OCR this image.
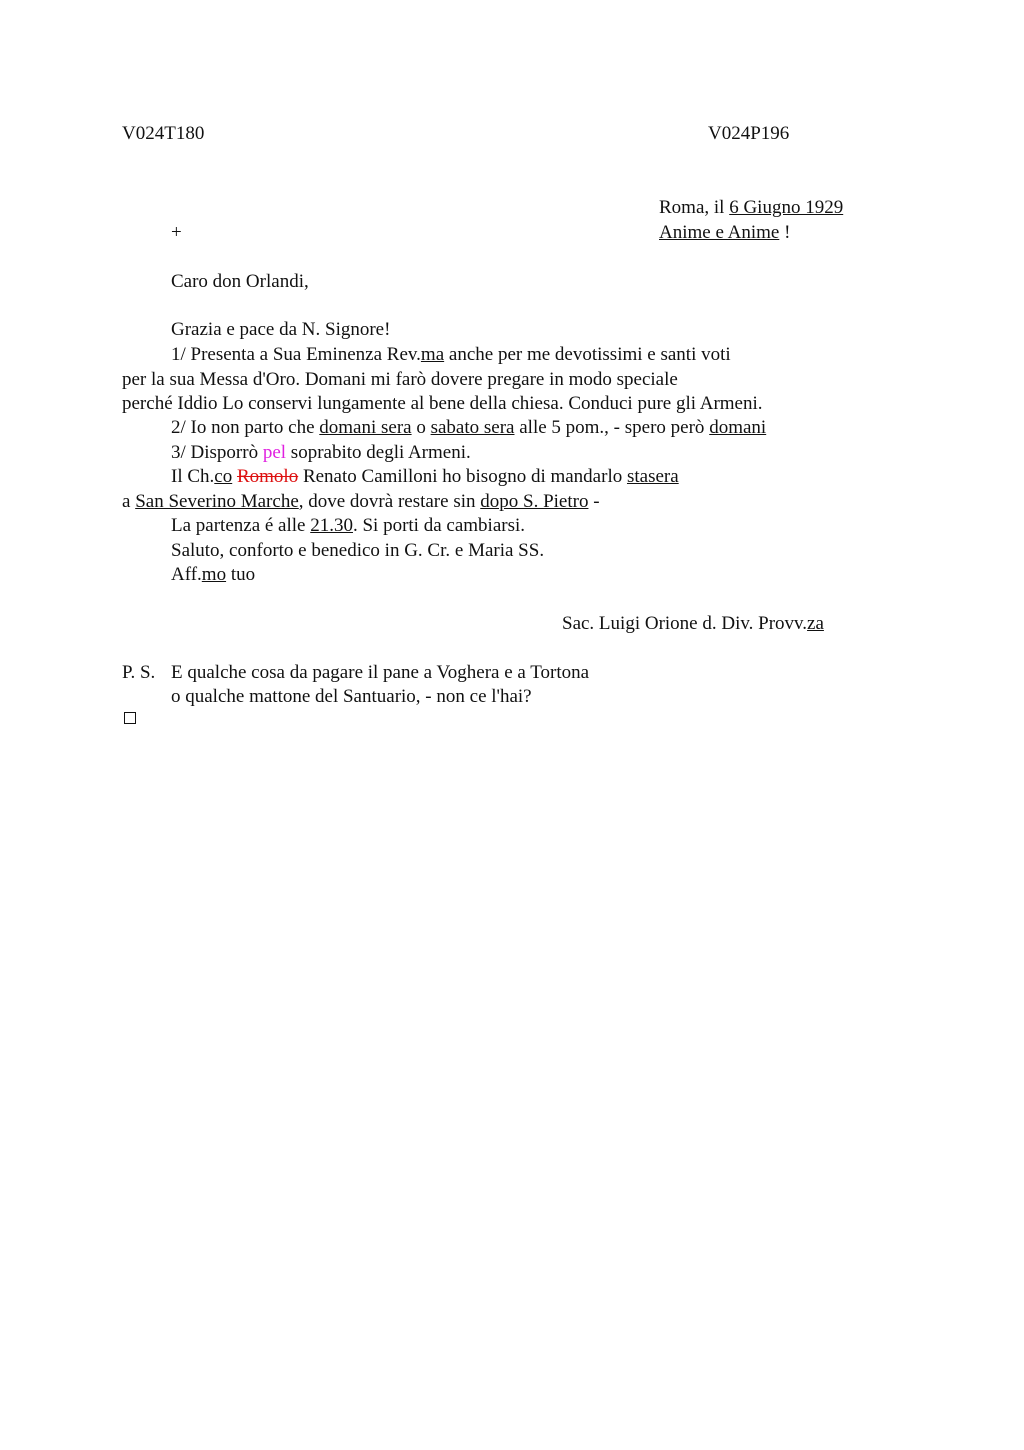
V024T180	V024P196
Roma, il 6 Giugno 1929
+	Anime e Anime !
Caro don Orlandi,
Grazia e pace da N. Signore!
1/ Presenta a Sua Eminenza Rev.ma anche per me devotissimi e santi voti
per la sua Messa d'Oro. Domani mi farò dovere pregare in modo speciale
perché Iddio Lo conservi lungamente al bene della chiesa. Conduci pure gli Armeni.
2/ Io non parto che domani sera o sabato sera alle 5 pom., - spero però domani
3/ Disporrò pel soprabito degli Armeni.
Il Ch.co Romolo Renato Camilloni ho bisogno di mandarlo stasera
a San Severino Marche, dove dovrà restare sin dopo S. Pietro -
La partenza é alle 21.30. Si porti da cambiarsi.
Saluto, conforto e benedico in G. Cr. e Maria SS.
Aff.mo tuo
Sac. Luigi Orione d. Div. Provv.za
P. S. E qualche cosa da pagare il pane a Voghera e a Tortona
o qualche mattone del Santuario, - non ce l'hai?
